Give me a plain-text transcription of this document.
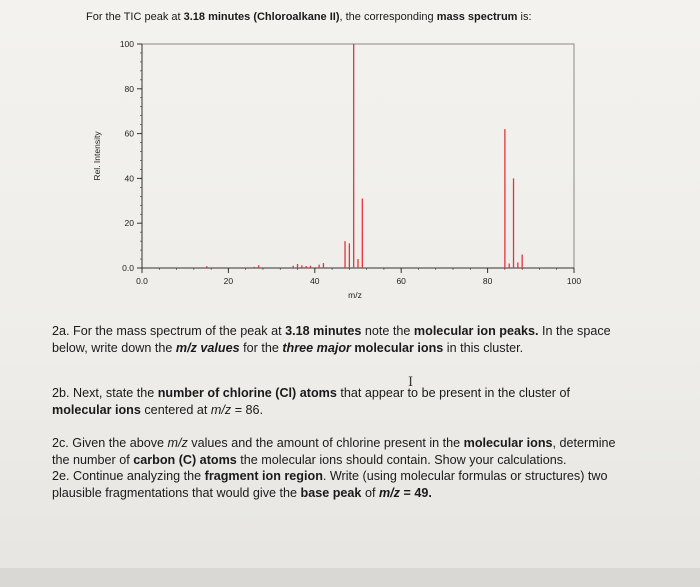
For the TIC peak at 3.18 minutes (Chloroalkane II), the corresponding mass spectrum is:
0.0
20
40
60
80
100
0.0	20	40	60	80	100
m/z
Rel. Intensity

2a. For the mass spectrum of the peak at 3.18 minutes note the molecular ion peaks. In the space below, write down the m/z values for the three major molecular ions in this cluster.

2b. Next, state the number of chlorine (Cl) atoms that appear to be present in the cluster of molecular ions centered at m/z = 86.

2c. Given the above m/z values and the amount of chlorine present in the molecular ions, determine the number of carbon (C) atoms the molecular ions should contain. Show your calculations.

2e. Continue analyzing the fragment ion region. Write (using molecular formulas or structures) two plausible fragmentations that would give the base peak of m/z = 49.

I
